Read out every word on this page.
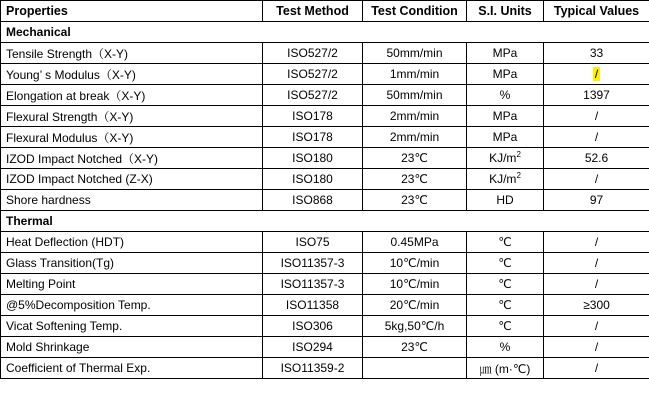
Properties	Test Method	Test Condition	S.I. Units	Typical Values
Mechanical				
Tensile Strength（X-Y)	ISO527/2	50mm/min	MPa	33
Young’ s Modulus（X-Y)	ISO527/2	1mm/min	MPa	/
Elongation at break（X-Y)	ISO527/2	50mm/min	%	1397
Flexural Strength（X-Y)	ISO178	2mm/min	MPa	/
Flexural Modulus（X-Y)	ISO178	2mm/min	MPa	/
IZOD Impact Notched（X-Y)	ISO180	23℃	$KJ/m^2$	52.6
IZOD Impact Notched (Z-X)	ISO180	23℃	$KJ/m^2$	/
Shore hardness	ISO868	23℃	HD	97
Thermal				
Heat Deflection (HDT)	ISO75	0.45MPa	℃	/
Glass Transition(Tg)	ISO11357-3	10℃/min	℃	/
Melting Point	ISO11357-3	10℃/min	℃	/
@5%Decomposition Temp.	ISO11358	20℃/min	℃	≥300
Vicat Softening Temp.	ISO306	5kg,50℃/h	℃	/
Mold Shrinkage	ISO294	23℃	%	/
Coefficient of Thermal Exp.	ISO11359-2		㎛ (m·℃)	/
